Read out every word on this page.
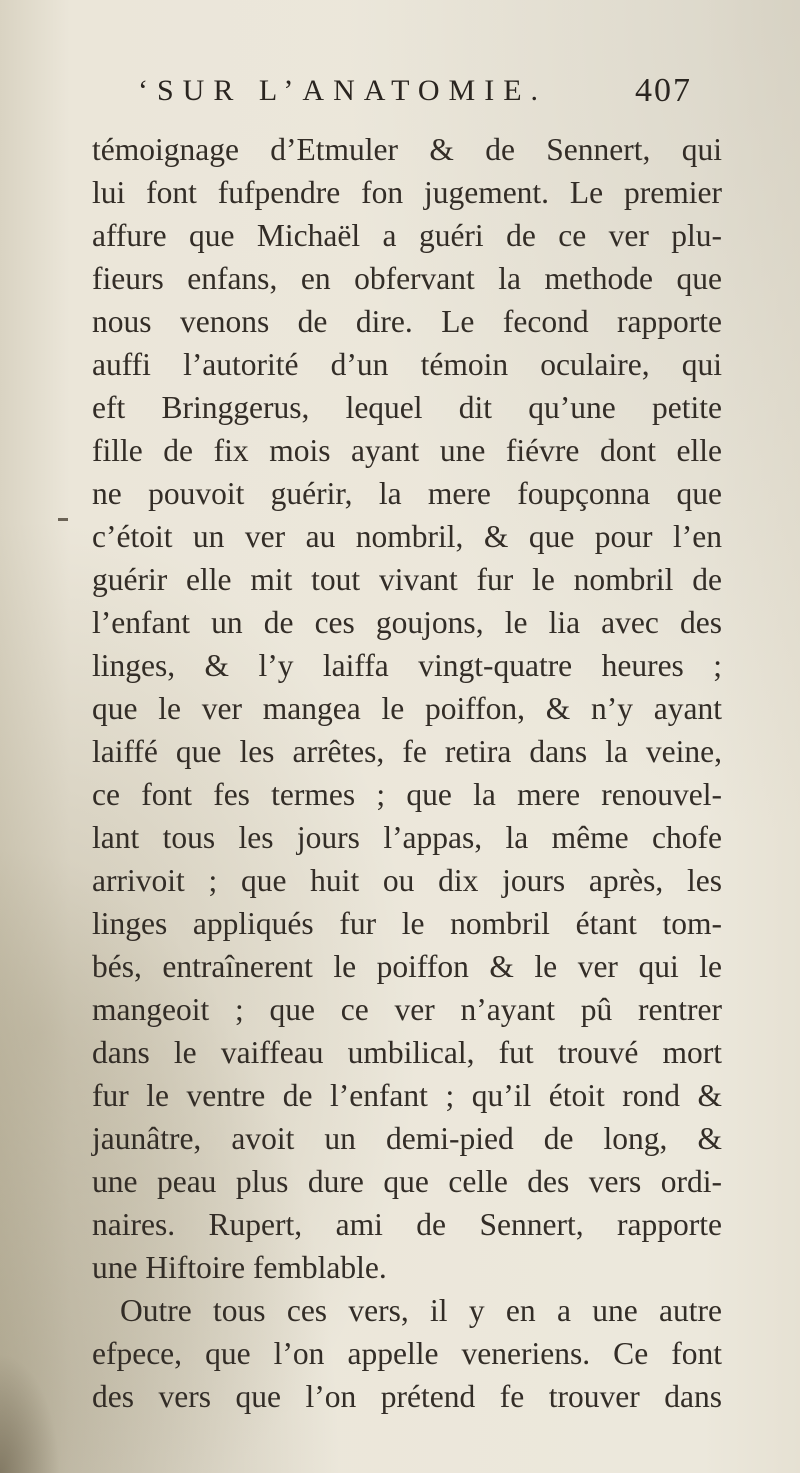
‘SUR L’ANATOMIE.	407
témoignage d’Etmuler & de Sennert, qui
lui font fufpendre fon jugement. Le premier
affure que Michaël a guéri de ce ver plu-
fieurs enfans, en obfervant la methode que
nous venons de dire. Le fecond rapporte
auffi l’autorité d’un témoin oculaire, qui
eft Bringgerus, lequel dit qu’une petite
fille de fix mois ayant une fiévre dont elle
ne pouvoit guérir, la mere foupçonna que
c’étoit un ver au nombril, & que pour l’en
guérir elle mit tout vivant fur le nombril de
l’enfant un de ces goujons, le lia avec des
linges, & l’y laiffa vingt-quatre heures ;
que le ver mangea le poiffon, & n’y ayant
laiffé que les arrêtes, fe retira dans la veine,
ce font fes termes ; que la mere renouvel-
lant tous les jours l’appas, la même chofe
arrivoit ; que huit ou dix jours après, les
linges appliqués fur le nombril étant tom-
bés, entraînerent le poiffon & le ver qui le
mangeoit ; que ce ver n’ayant pû rentrer
dans le vaiffeau umbilical, fut trouvé mort
fur le ventre de l’enfant ; qu’il étoit rond &
jaunâtre, avoit un demi-pied de long, &
une peau plus dure que celle des vers ordi-
naires. Rupert, ami de Sennert, rapporte
une Hiftoire femblable.
Outre tous ces vers, il y en a une autre
efpece, que l’on appelle veneriens. Ce font
des vers que l’on prétend fe trouver dans
